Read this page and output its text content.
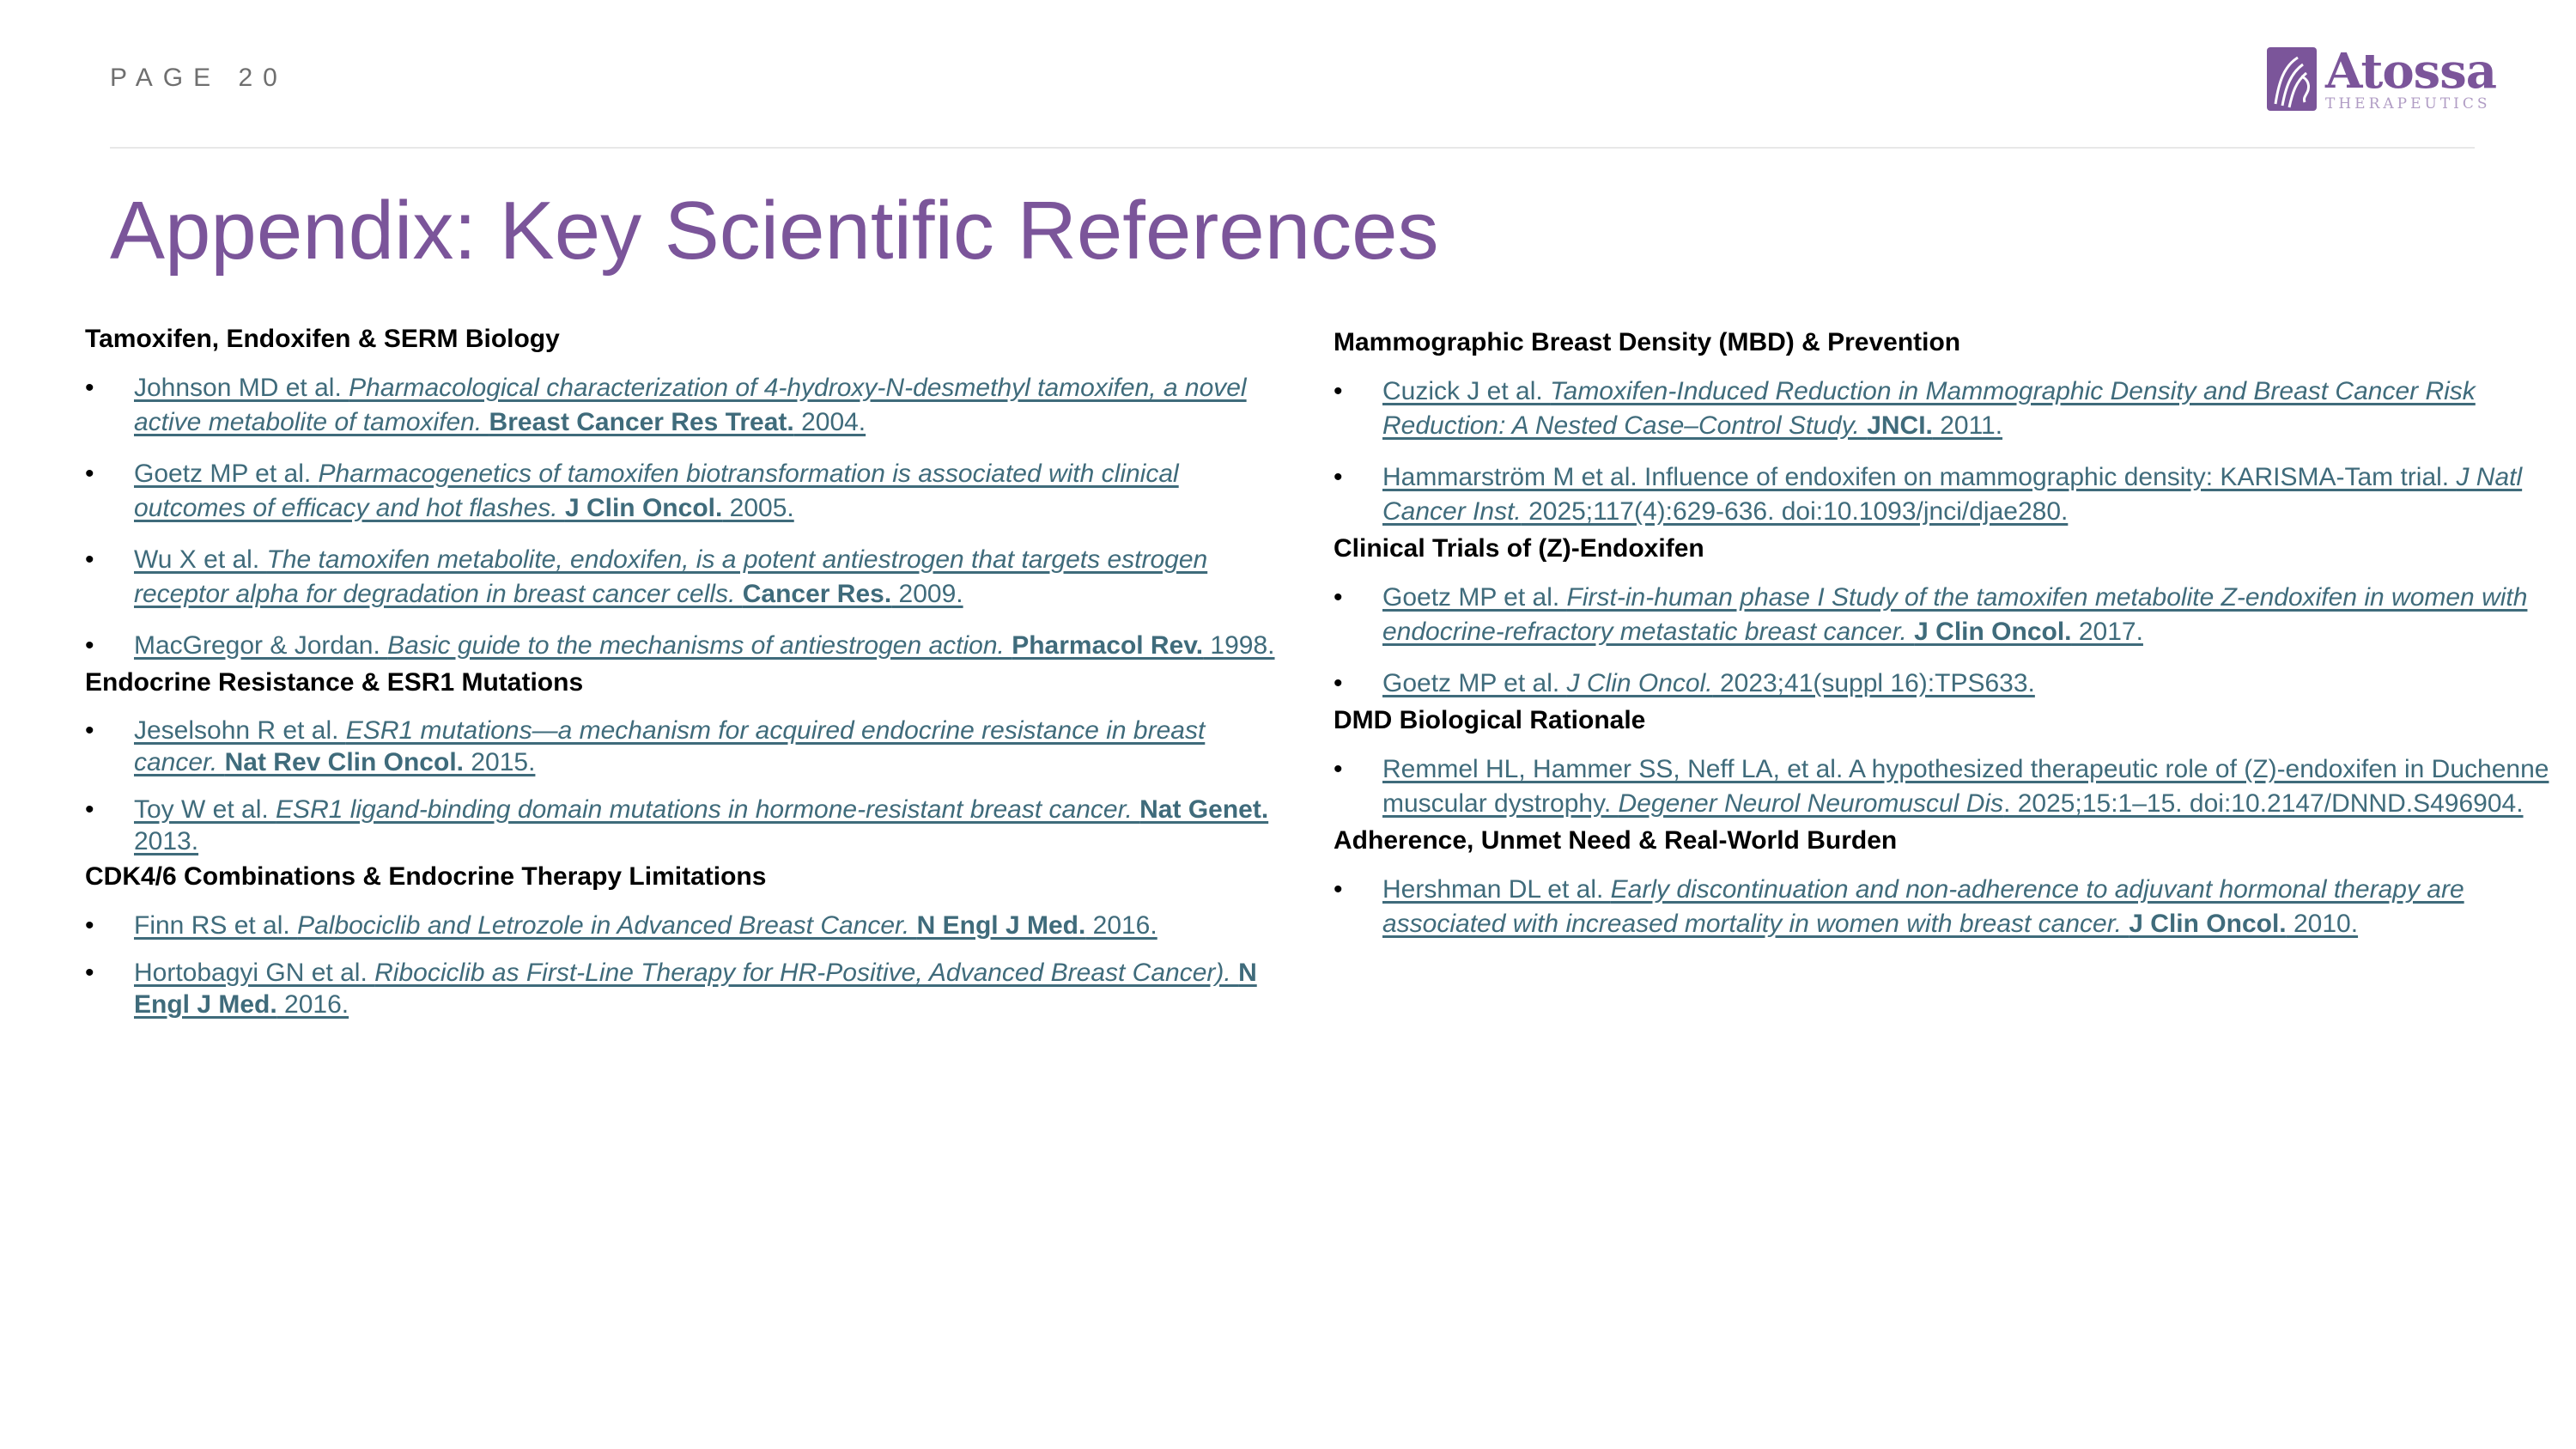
PAGE 20	Atossa
THERAPEUTICS
Appendix: Key Scientific References
Tamoxifen, Endoxifen & SERM Biology
• Johnson MD et al. Pharmacological characterization of 4-hydroxy-N-desmethyl tamoxifen, a novel active metabolite of tamoxifen. Breast Cancer Res Treat. 2004.
• Goetz MP et al. Pharmacogenetics of tamoxifen biotransformation is associated with clinical outcomes of efficacy and hot flashes. J Clin Oncol. 2005.
• Wu X et al. The tamoxifen metabolite, endoxifen, is a potent antiestrogen that targets estrogen receptor alpha for degradation in breast cancer cells. Cancer Res. 2009.
• MacGregor & Jordan. Basic guide to the mechanisms of antiestrogen action. Pharmacol Rev. 1998.
Endocrine Resistance & ESR1 Mutations
• Jeselsohn R et al. ESR1 mutations—a mechanism for acquired endocrine resistance in breast cancer. Nat Rev Clin Oncol. 2015.
• Toy W et al. ESR1 ligand-binding domain mutations in hormone-resistant breast cancer. Nat Genet. 2013.
CDK4/6 Combinations & Endocrine Therapy Limitations
• Finn RS et al. Palbociclib and Letrozole in Advanced Breast Cancer. N Engl J Med. 2016.
• Hortobagyi GN et al. Ribociclib as First-Line Therapy for HR-Positive, Advanced Breast Cancer). N Engl J Med. 2016.
Mammographic Breast Density (MBD) & Prevention
• Cuzick J et al. Tamoxifen-Induced Reduction in Mammographic Density and Breast Cancer Risk Reduction: A Nested Case–Control Study. JNCI. 2011.
• Hammarström M et al. Influence of endoxifen on mammographic density: KARISMA-Tam trial. J Natl Cancer Inst. 2025;117(4):629-636. doi:10.1093/jnci/djae280.
Clinical Trials of (Z)-Endoxifen
• Goetz MP et al. First-in-human phase I Study of the tamoxifen metabolite Z-endoxifen in women with endocrine-refractory metastatic breast cancer. J Clin Oncol. 2017.
• Goetz MP et al. J Clin Oncol. 2023;41(suppl 16):TPS633.
DMD Biological Rationale
• Remmel HL, Hammer SS, Neff LA, et al. A hypothesized therapeutic role of (Z)-endoxifen in Duchenne muscular dystrophy. Degener Neurol Neuromuscul Dis. 2025;15:1–15. doi:10.2147/DNND.S496904.
Adherence, Unmet Need & Real-World Burden
• Hershman DL et al. Early discontinuation and non-adherence to adjuvant hormonal therapy are associated with increased mortality in women with breast cancer. J Clin Oncol. 2010.
